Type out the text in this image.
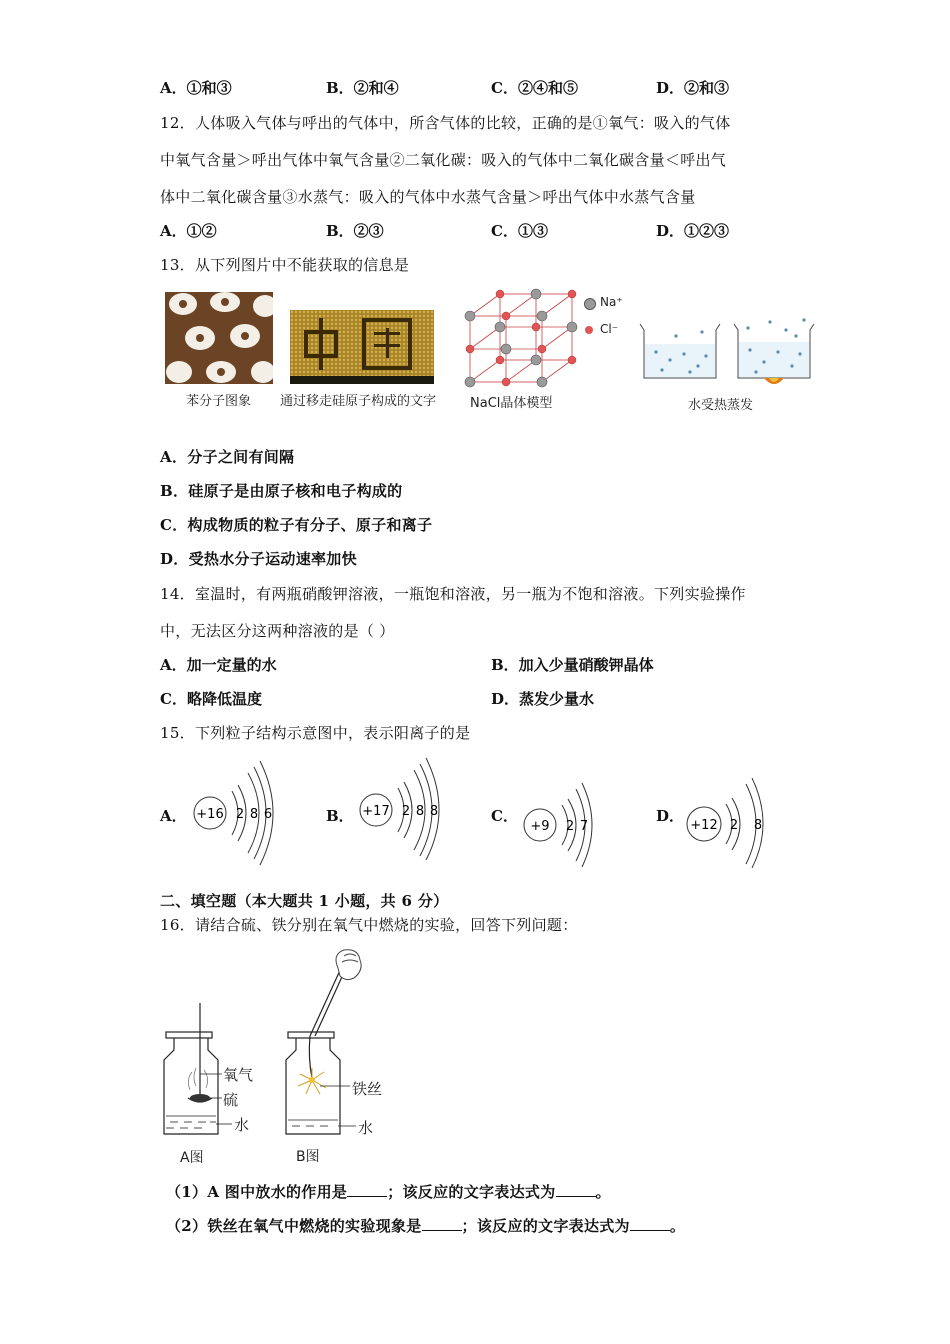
A．①和③	B．②和④	C．②④和⑤	D．②和③
12．人体吸入气体与呼出的气体中，所含气体的比较，正确的是①氧气：吸入的气体
中氧气含量＞呼出气体中氧气含量②二氧化碳：吸入的气体中二氧化碳含量＜呼出气
体中二氧化碳含量③水蒸气：吸入的气体中水蒸气含量＞呼出气体中水蒸气含量
A．①②	B．②③	C．①③	D．①②③
13．从下列图片中不能获取的信息是
苯分子图象 通过移走硅原子构成的文字
Na⁺
Cl⁻
NaCl晶体模型	水受热蒸发
A．分子之间有间隔
B．硅原子是由原子核和电子构成的
C．构成物质的粒子有分子、原子和离子
D．受热水分子运动速率加快
14．室温时，有两瓶硝酸钾溶液，一瓶饱和溶液，另一瓶为不饱和溶液。下列实验操作
中，无法区分这两种溶液的是（ ）
A．加一定量的水	B．加入少量硝酸钾晶体
C．略降低温度	D．蒸发少量水
15．下列粒子结构示意图中，表示阳离子的是
A． +16 2 8 6	B． +17 2 8 8	C．
+9 2 7
D．
+12 2 8
二、填空题（本大题共 1 小题，共 6 分）
16．请结合硫、铁分别在氧气中燃烧的实验，回答下列问题：
氧气
硫
水
铁丝
水
A图	B图
（1）A 图中放水的作用是	；该反应的文字表达式为	。
（2）铁丝在氧气中燃烧的实验现象是	；该反应的文字表达式为	。
